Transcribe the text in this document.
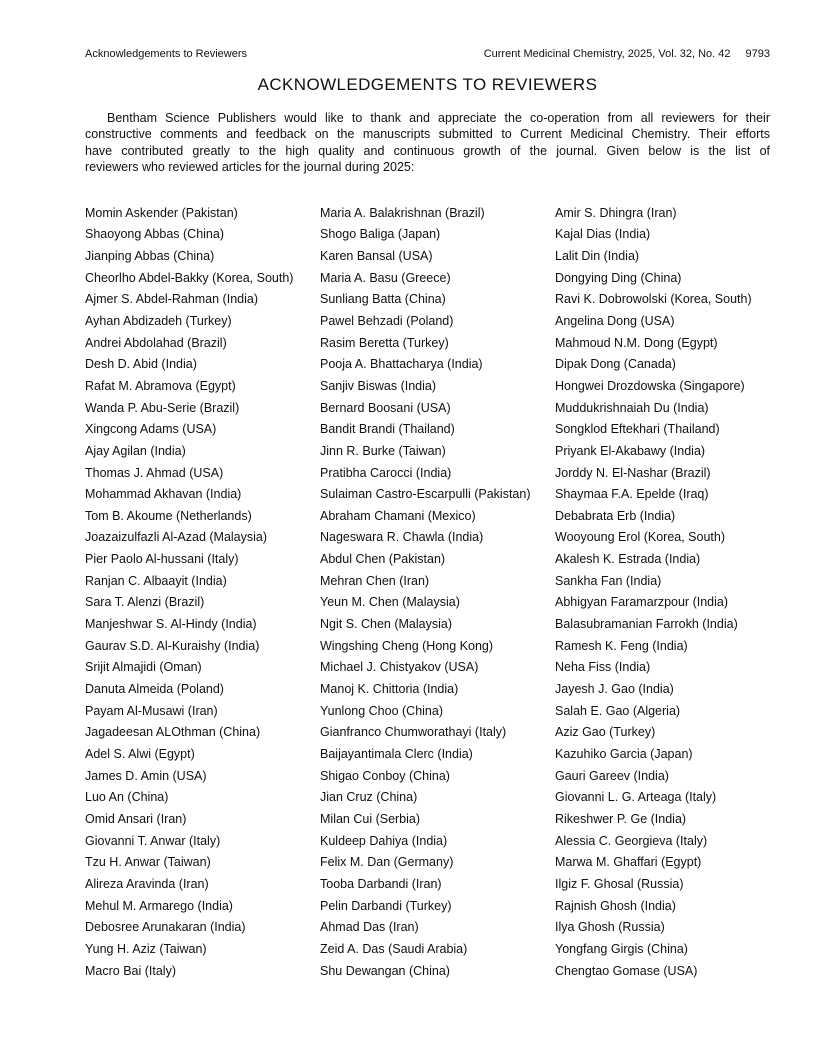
Acknowledgements to Reviewers	Current Medicinal Chemistry, 2025, Vol. 32, No. 42 9793
ACKNOWLEDGEMENTS TO REVIEWERS
Bentham Science Publishers would like to thank and appreciate the co-operation from all reviewers for their
constructive comments and feedback on the manuscripts submitted to Current Medicinal Chemistry. Their efforts
have contributed greatly to the high quality and continuous growth of the journal. Given below is the list of
reviewers who reviewed articles for the journal during 2025:
Momin Askender (Pakistan)
Shaoyong Abbas (China)
Jianping Abbas (China)
Cheorlho Abdel-Bakky (Korea, South)
Ajmer S. Abdel-Rahman (India)
Ayhan Abdizadeh (Turkey)
Andrei Abdolahad (Brazil)
Desh D. Abid (India)
Rafat M. Abramova (Egypt)
Wanda P. Abu-Serie (Brazil)
Xingcong Adams (USA)
Ajay Agilan (India)
Thomas J. Ahmad (USA)
Mohammad Akhavan (India)
Tom B. Akoume (Netherlands)
Joazaizulfazli Al-Azad (Malaysia)
Pier Paolo Al-hussani (Italy)
Ranjan C. Albaayit (India)
Sara T. Alenzi (Brazil)
Manjeshwar S. Al-Hindy (India)
Gaurav S.D. Al-Kuraishy (India)
Srijit Almajidi (Oman)
Danuta Almeida (Poland)
Payam Al-Musawi (Iran)
Jagadeesan ALOthman (China)
Adel S. Alwi (Egypt)
James D. Amin (USA)
Luo An (China)
Omid Ansari (Iran)
Giovanni T. Anwar (Italy)
Tzu H. Anwar (Taiwan)
Alireza Aravinda (Iran)
Mehul M. Armarego (India)
Debosree Arunakaran (India)
Yung H. Aziz (Taiwan)
Macro Bai (Italy)
Maria A. Balakrishnan (Brazil)
Shogo Baliga (Japan)
Karen Bansal (USA)
Maria A. Basu (Greece)
Sunliang Batta (China)
Pawel Behzadi (Poland)
Rasim Beretta (Turkey)
Pooja A. Bhattacharya (India)
Sanjiv Biswas (India)
Bernard Boosani (USA)
Bandit Brandi (Thailand)
Jinn R. Burke (Taiwan)
Pratibha Carocci (India)
Sulaiman Castro-Escarpulli (Pakistan)
Abraham Chamani (Mexico)
Nageswara R. Chawla (India)
Abdul Chen (Pakistan)
Mehran Chen (Iran)
Yeun M. Chen (Malaysia)
Ngit S. Chen (Malaysia)
Wingshing Cheng (Hong Kong)
Michael J. Chistyakov (USA)
Manoj K. Chittoria (India)
Yunlong Choo (China)
Gianfranco Chumworathayi (Italy)
Baijayantimala Clerc (India)
Shigao Conboy (China)
Jian Cruz (China)
Milan Cui (Serbia)
Kuldeep Dahiya (India)
Felix M. Dan (Germany)
Tooba Darbandi (Iran)
Pelin Darbandi (Turkey)
Ahmad Das (Iran)
Zeid A. Das (Saudi Arabia)
Shu Dewangan (China)
Amir S. Dhingra (Iran)
Kajal Dias (India)
Lalit Din (India)
Dongying Ding (China)
Ravi K. Dobrowolski (Korea, South)
Angelina Dong (USA)
Mahmoud N.M. Dong (Egypt)
Dipak Dong (Canada)
Hongwei Drozdowska (Singapore)
Muddukrishnaiah Du (India)
Songklod Eftekhari (Thailand)
Priyank El-Akabawy (India)
Jorddy N. El-Nashar (Brazil)
Shaymaa F.A. Epelde (Iraq)
Debabrata Erb (India)
Wooyoung Erol (Korea, South)
Akalesh K. Estrada (India)
Sankha Fan (India)
Abhigyan Faramarzpour (India)
Balasubramanian Farrokh (India)
Ramesh K. Feng (India)
Neha Fiss (India)
Jayesh J. Gao (India)
Salah E. Gao (Algeria)
Aziz Gao (Turkey)
Kazuhiko Garcia (Japan)
Gauri Gareev (India)
Giovanni L. G. Arteaga (Italy)
Rikeshwer P. Ge (India)
Alessia C. Georgieva (Italy)
Marwa M. Ghaffari (Egypt)
Ilgiz F. Ghosal (Russia)
Rajnish Ghosh (India)
Ilya Ghosh (Russia)
Yongfang Girgis (China)
Chengtao Gomase (USA)
